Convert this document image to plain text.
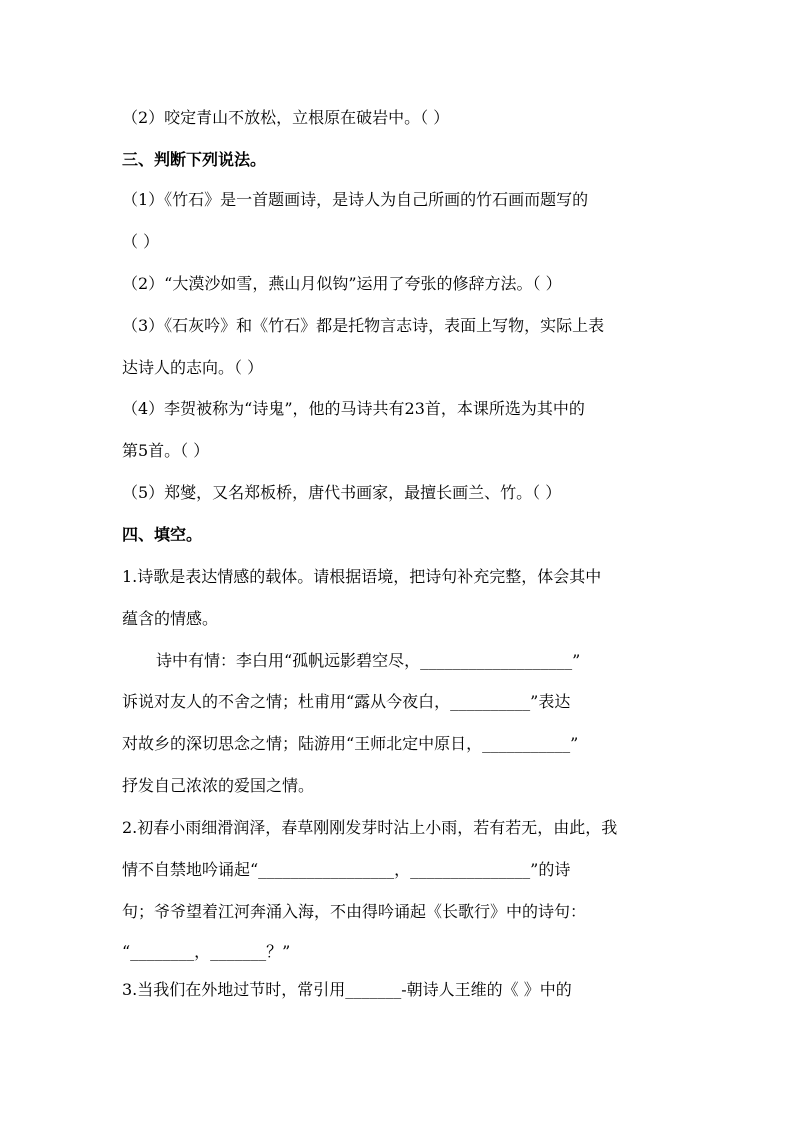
（2）咬定青山不放松，立根原在破岩中。（ ）
三、判断下列说法。
（1）《竹石》是一首题画诗，是诗人为自己所画的竹石画而题写的
（ ）
（2）“大漠沙如雪，燕山月似钩”运用了夸张的修辞方法。（ ）
（3）《石灰吟》和《竹石》都是托物言志诗，表面上写物，实际上表
达诗人的志向。（ ）
（4）李贺被称为“诗鬼”，他的马诗共有23首，本课所选为其中的
第5首。（ ）
（5）郑燮，又名郑板桥，唐代书画家，最擅长画兰、竹。（ ）
四、填空。
1.诗歌是表达情感的载体。请根据语境，把诗句补充完整，体会其中
蕴含的情感。
诗中有情：李白用“孤帆远影碧空尽，___________________”
诉说对友人的不舍之情；杜甫用“露从今夜白，__________”表达
对故乡的深切思念之情；陆游用“王师北定中原日，___________”
抒发自己浓浓的爱国之情。
2.初春小雨细滑润泽，春草刚刚发芽时沾上小雨，若有若无，由此，我
情不自禁地吟诵起“_________________，_______________”的诗
句；爷爷望着江河奔涌入海，不由得吟诵起《长歌行》中的诗句：
“________，_______？”
3.当我们在外地过节时，常引用_______-朝诗人王维的《 》中的
